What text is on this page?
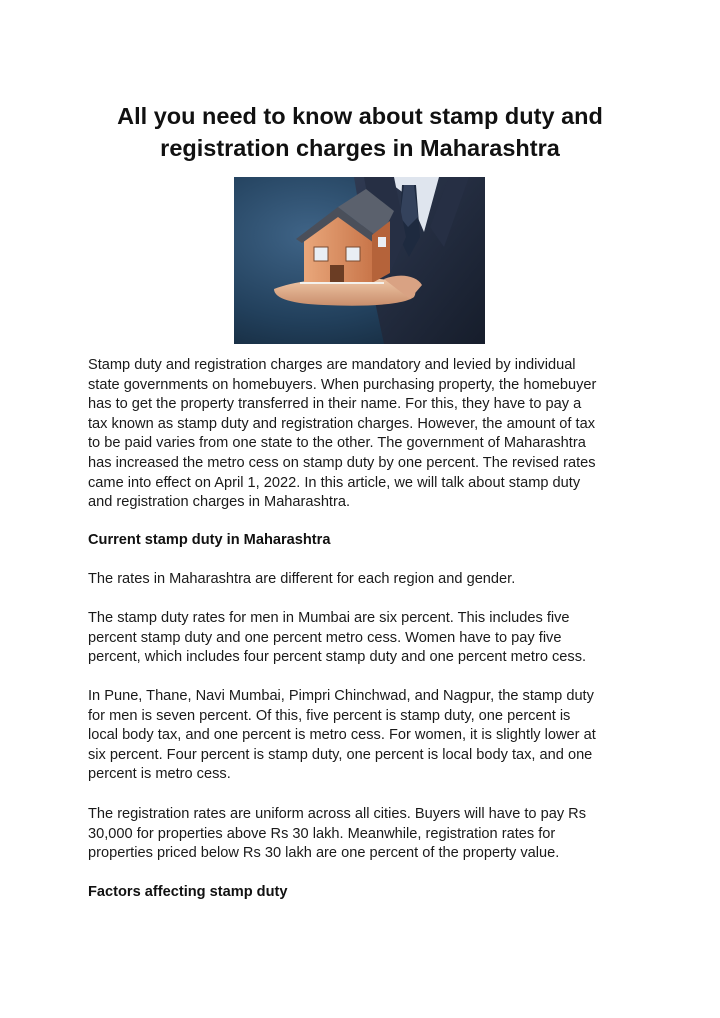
All you need to know about stamp duty and
registration charges in Maharashtra
Stamp duty and registration charges are mandatory and levied by individual
state governments on homebuyers. When purchasing property, the homebuyer
has to get the property transferred in their name. For this, they have to pay a
tax known as stamp duty and registration charges. However, the amount of tax
to be paid varies from one state to the other. The government of Maharashtra
has increased the metro cess on stamp duty by one percent. The revised rates
came into effect on April 1, 2022. In this article, we will talk about stamp duty
and registration charges in Maharashtra.
Current stamp duty in Maharashtra
The rates in Maharashtra are different for each region and gender.
The stamp duty rates for men in Mumbai are six percent. This includes five
percent stamp duty and one percent metro cess. Women have to pay five
percent, which includes four percent stamp duty and one percent metro cess.
In Pune, Thane, Navi Mumbai, Pimpri Chinchwad, and Nagpur, the stamp duty
for men is seven percent. Of this, five percent is stamp duty, one percent is
local body tax, and one percent is metro cess. For women, it is slightly lower at
six percent. Four percent is stamp duty, one percent is local body tax, and one
percent is metro cess.
The registration rates are uniform across all cities. Buyers will have to pay Rs
30,000 for properties above Rs 30 lakh. Meanwhile, registration rates for
properties priced below Rs 30 lakh are one percent of the property value.
Factors affecting stamp duty
